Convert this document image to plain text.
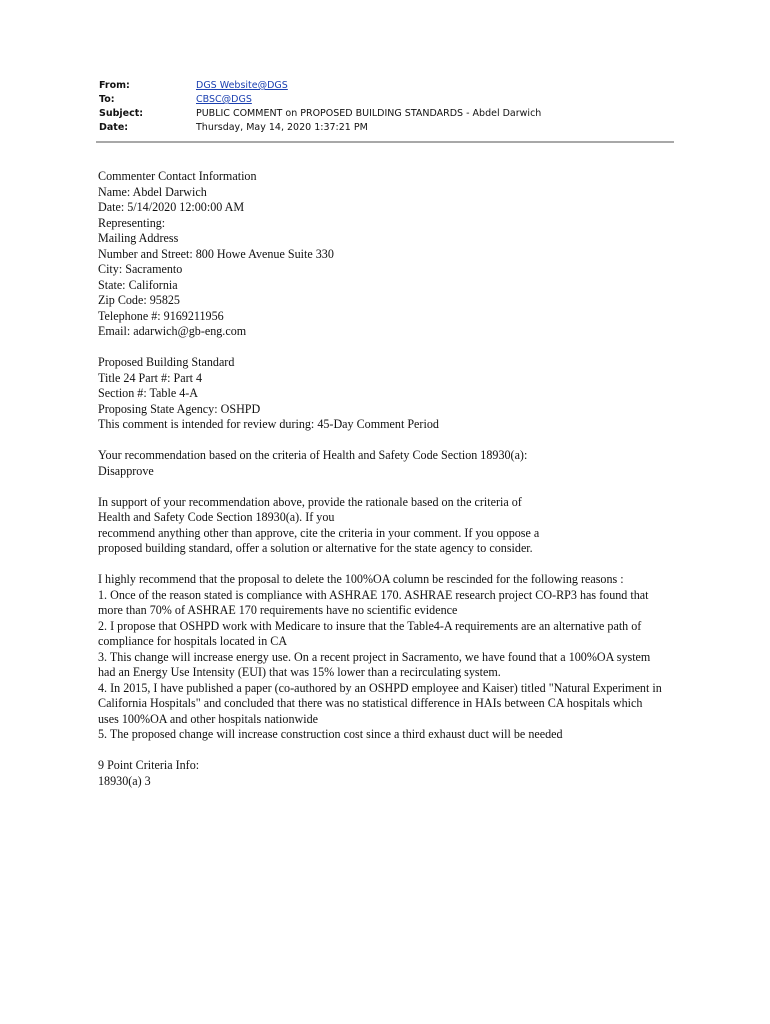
From:	DGS Website@DGS
To:	CBSC@DGS
Subject:	PUBLIC COMMENT on PROPOSED BUILDING STANDARDS - Abdel Darwich
Date:	Thursday, May 14, 2020 1:37:21 PM
Commenter Contact Information
Name: Abdel Darwich
Date: 5/14/2020 12:00:00 AM
Representing:
Mailing Address
Number and Street: 800 Howe Avenue Suite 330
City: Sacramento
State: California
Zip Code: 95825
Telephone #: 9169211956
Email: adarwich@gb-eng.com
Proposed Building Standard
Title 24 Part #: Part 4
Section #: Table 4-A
Proposing State Agency: OSHPD
This comment is intended for review during: 45-Day Comment Period
Your recommendation based on the criteria of Health and Safety Code Section 18930(a):
Disapprove
In support of your recommendation above, provide the rationale based on the criteria of
Health and Safety Code Section 18930(a). If you
recommend anything other than approve, cite the criteria in your comment. If you oppose a
proposed building standard, offer a solution or alternative for the state agency to consider.
I highly recommend that the proposal to delete the 100%OA column be rescinded for the following reasons :
1. Once of the reason stated is compliance with ASHRAE 170. ASHRAE research project CO-RP3 has found that
more than 70% of ASHRAE 170 requirements have no scientific evidence
2. I propose that OSHPD work with Medicare to insure that the Table4-A requirements are an alternative path of
compliance for hospitals located in CA
3. This change will increase energy use. On a recent project in Sacramento, we have found that a 100%OA system
had an Energy Use Intensity (EUI) that was 15% lower than a recirculating system.
4. In 2015, I have published a paper (co-authored by an OSHPD employee and Kaiser) titled "Natural Experiment in
California Hospitals" and concluded that there was no statistical difference in HAIs between CA hospitals which
uses 100%OA and other hospitals nationwide
5. The proposed change will increase construction cost since a third exhaust duct will be needed
9 Point Criteria Info:
18930(a) 3
